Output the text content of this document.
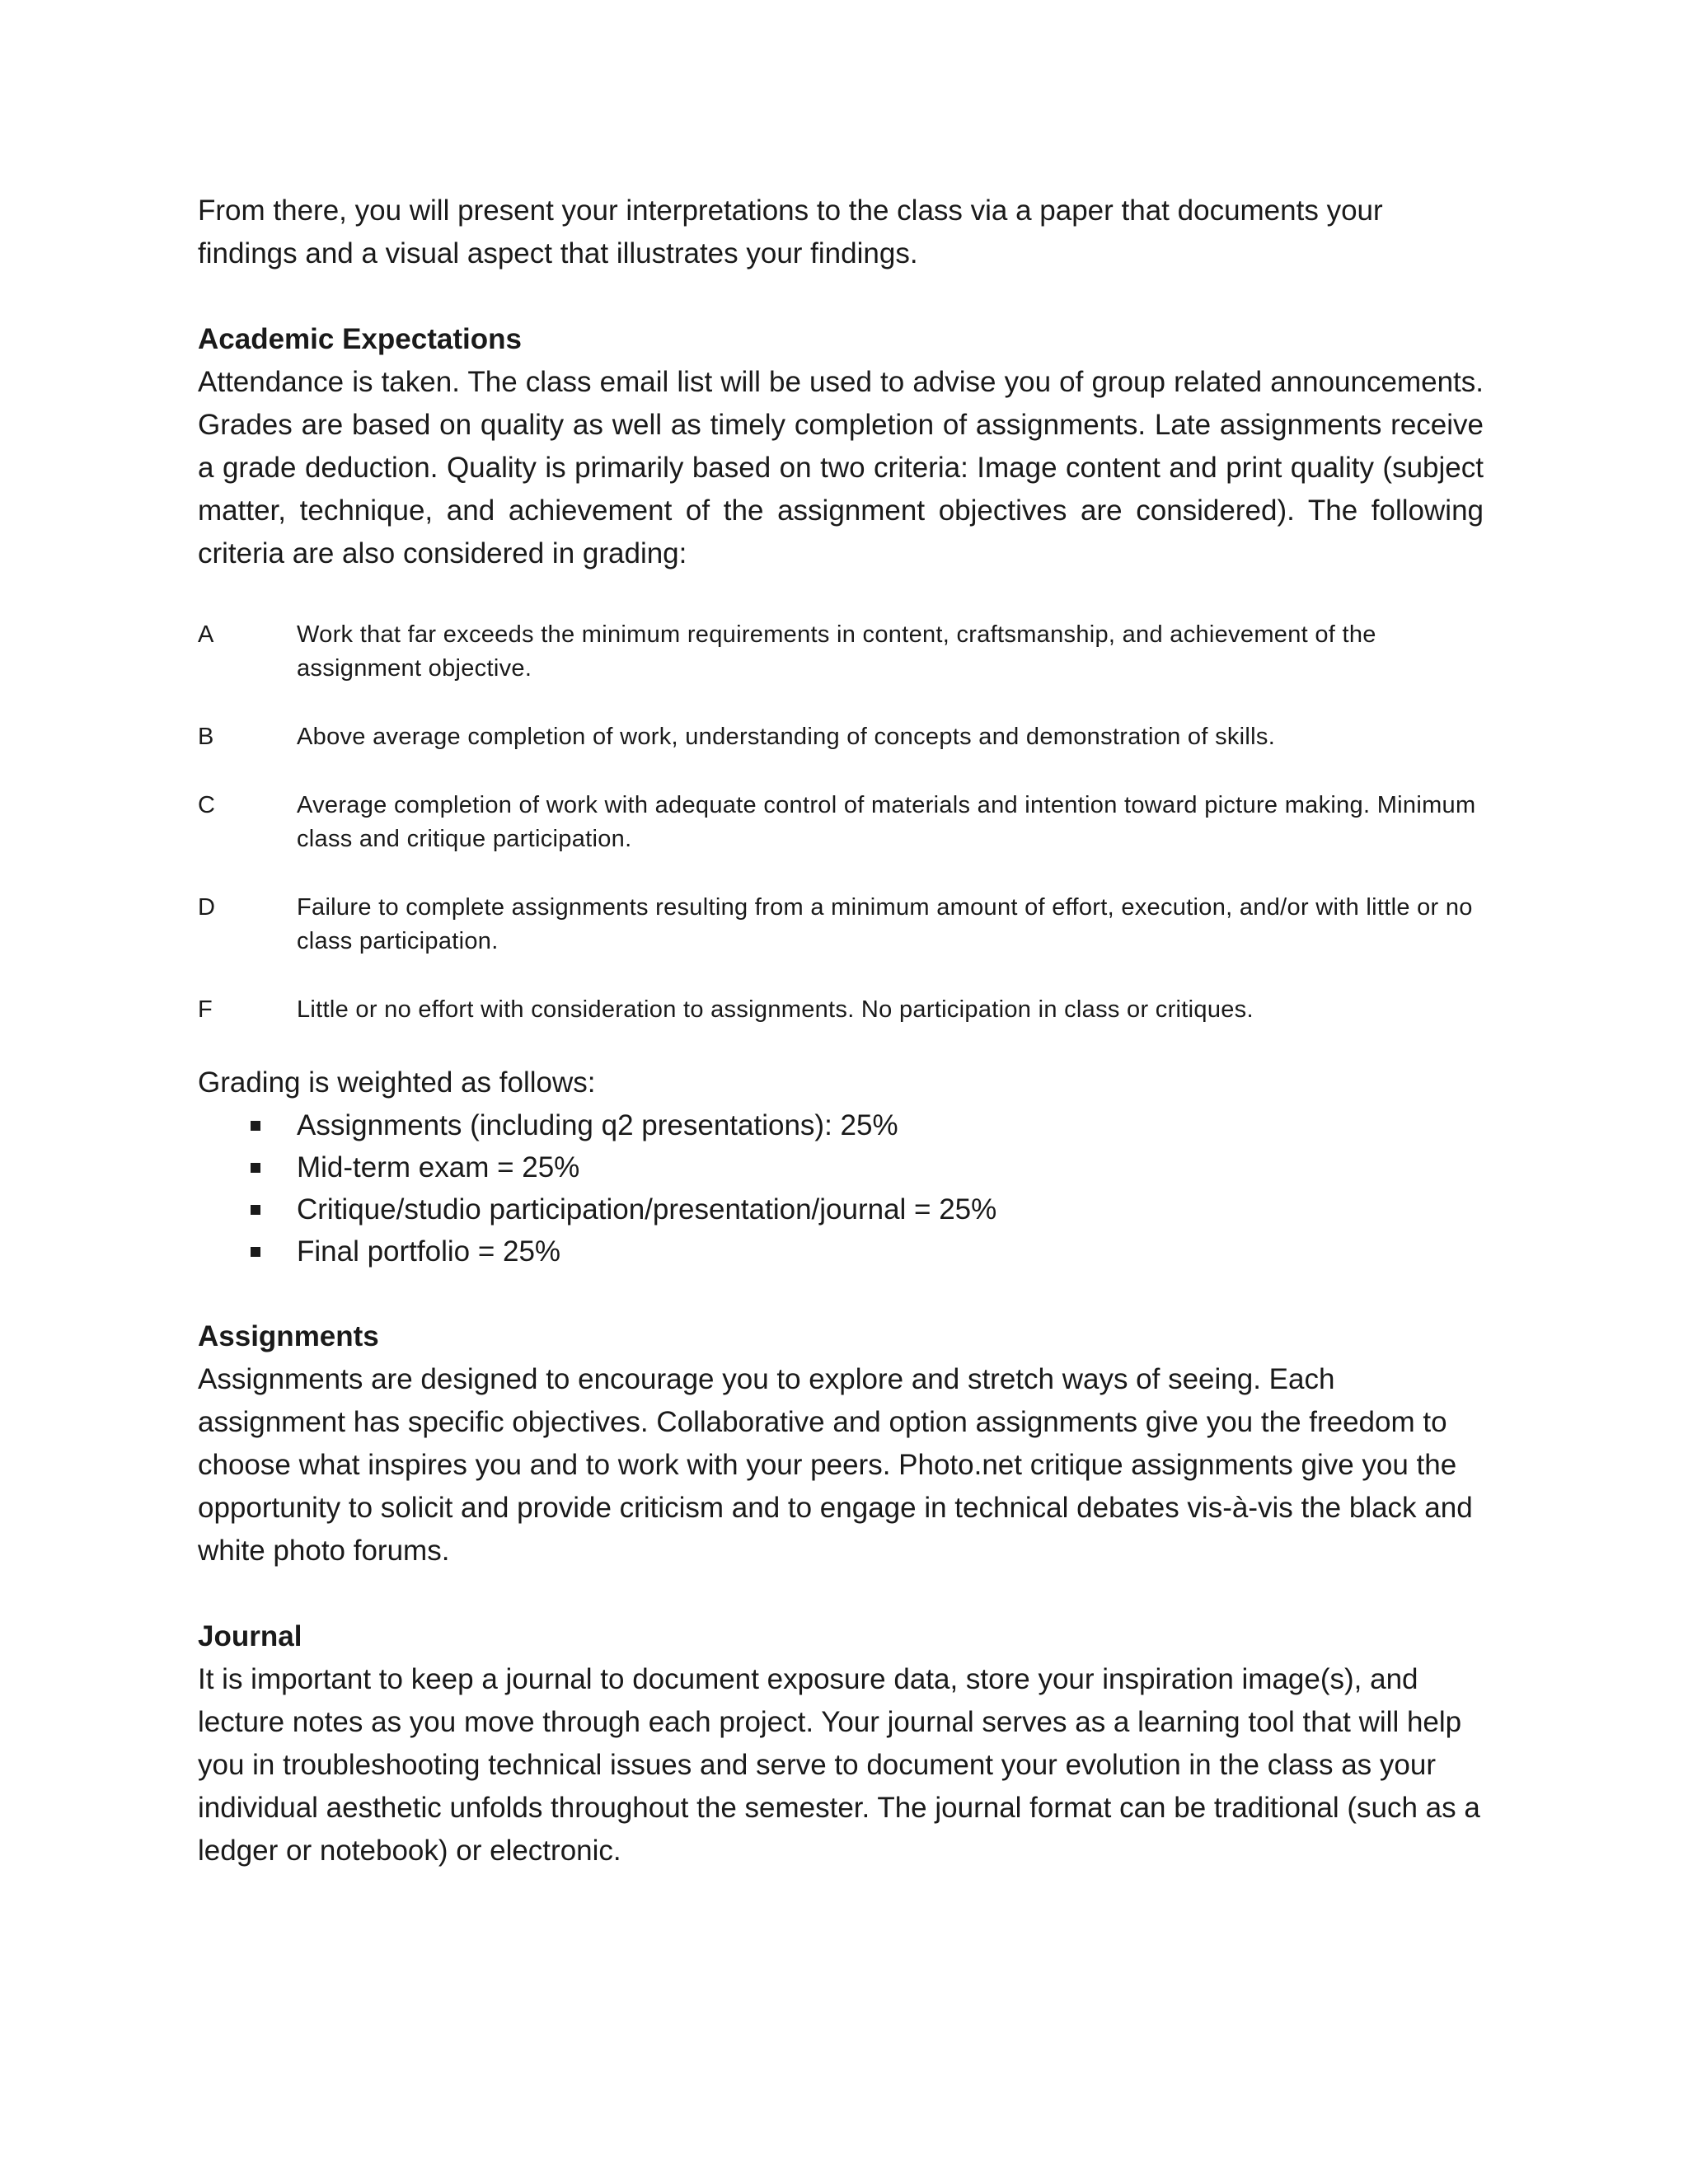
From there, you will present your interpretations to the class via a paper that documents your findings and a visual aspect that illustrates your findings.

Academic Expectations

Attendance is taken. The class email list will be used to advise you of group related announcements. Grades are based on quality as well as timely completion of assignments. Late assignments receive a grade deduction. Quality is primarily based on two criteria: Image content and print quality (subject matter, technique, and achievement of the assignment objectives are considered). The following criteria are also considered in grading:

A	Work that far exceeds the minimum requirements in content, craftsmanship, and achievement of the assignment objective.
B	Above average completion of work, understanding of concepts and demonstration of skills.
C	Average completion of work with adequate control of materials and intention toward picture making. Minimum class and critique participation.
D	Failure to complete assignments resulting from a minimum amount of effort, execution, and/or with little or no class participation.
F	Little or no effort with consideration to assignments. No participation in class or critiques.

Grading is weighted as follows:

Assignments (including q2 presentations): 25%
Mid-term exam = 25%
Critique/studio participation/presentation/journal = 25%
Final portfolio = 25%
Assignments

Assignments are designed to encourage you to explore and stretch ways of seeing. Each assignment has specific objectives. Collaborative and option assignments give you the freedom to choose what inspires you and to work with your peers. Photo.net critique assignments give you the opportunity to solicit and provide criticism and to engage in technical debates vis-à-vis the black and white photo forums.

Journal

It is important to keep a journal to document exposure data, store your inspiration image(s), and lecture notes as you move through each project. Your journal serves as a learning tool that will help you in troubleshooting technical issues and serve to document your evolution in the class as your individual aesthetic unfolds throughout the semester. The journal format can be traditional (such as a ledger or notebook) or electronic.
